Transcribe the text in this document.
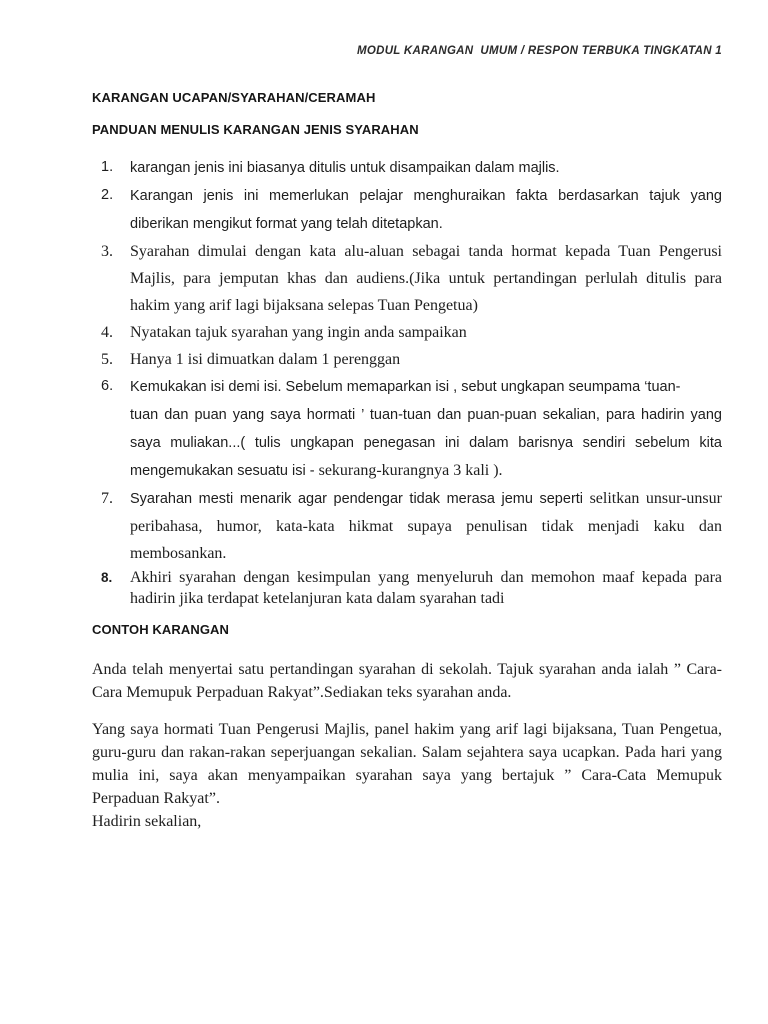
MODUL KARANGAN  UMUM / RESPON TERBUKA TINGKATAN 1
KARANGAN UCAPAN/SYARAHAN/CERAMAH
PANDUAN MENULIS KARANGAN JENIS SYARAHAN
1.	karangan jenis ini biasanya ditulis untuk disampaikan dalam majlis.
2.	Karangan jenis ini memerlukan pelajar menghuraikan fakta berdasarkan tajuk yang diberikan mengikut format yang telah ditetapkan.
3.	Syarahan dimulai dengan kata alu-aluan sebagai tanda hormat kepada Tuan Pengerusi Majlis, para jemputan khas dan audiens.(Jika untuk pertandingan perlulah ditulis para hakim yang arif lagi bijaksana selepas Tuan Pengetua)
4.	Nyatakan tajuk syarahan yang ingin anda sampaikan
5.	Hanya 1 isi dimuatkan dalam 1 perenggan
6.	Kemukakan isi demi isi. Sebelum memaparkan isi , sebut ungkapan seumpama ‘tuan-
tuan dan puan yang saya hormati ’ tuan-tuan dan puan-puan sekalian, para hadirin yang saya muliakan...( tulis ungkapan penegasan ini dalam barisnya sendiri sebelum kita mengemukakan sesuatu isi - sekurang-kurangnya 3 kali ).
7.	Syarahan mesti menarik agar pendengar tidak merasa jemu seperti selitkan unsur-unsur peribahasa, humor, kata-kata hikmat supaya penulisan tidak menjadi kaku dan membosankan.
8.	Akhiri syarahan dengan kesimpulan yang menyeluruh dan memohon maaf kepada para hadirin jika terdapat ketelanjuran kata dalam syarahan tadi
CONTOH KARANGAN

Anda telah menyertai satu pertandingan syarahan di sekolah. Tajuk syarahan anda ialah ” Cara-Cara Memupuk Perpaduan Rakyat”.Sediakan teks syarahan anda.

Yang saya hormati Tuan Pengerusi Majlis, panel hakim yang arif lagi bijaksana, Tuan Pengetua, guru-guru dan rakan-rakan seperjuangan sekalian. Salam sejahtera saya ucapkan. Pada hari yang mulia ini, saya akan menyampaikan syarahan saya yang bertajuk ” Cara-Cata Memupuk Perpaduan Rakyat”.

Hadirin sekalian,
